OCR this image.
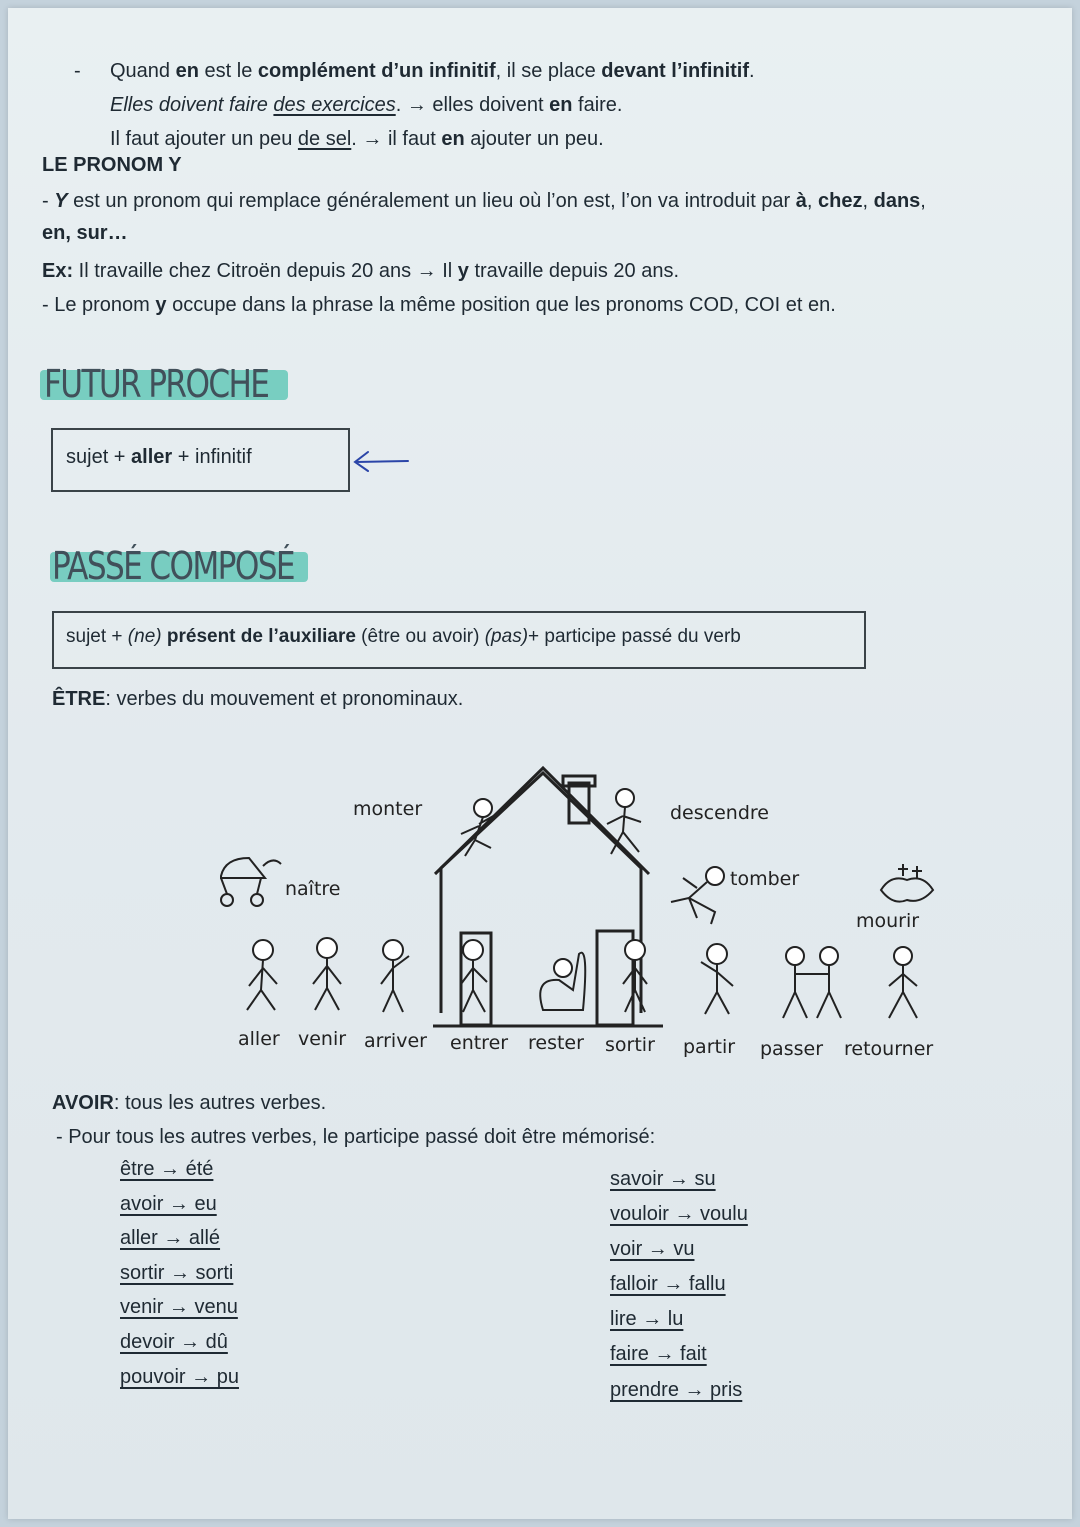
- Quand en est le complément d’un infinitif, il se place devant l’infinitif.
Elles doivent faire des exercices. → elles doivent en faire.
Il faut ajouter un peu de sel. → il faut en ajouter un peu.
LE PRONOM Y
- Y est un pronom qui remplace généralement un lieu où l’on est, l’on va introduit par à, chez, dans,
en, sur…
Ex: Il travaille chez Citroën depuis 20 ans → Il y travaille depuis 20 ans.
- Le pronom y occupe dans la phrase la même position que les pronoms COD, COI et en.
FUTUR PROCHE
sujet + aller + infinitif
PASSÉ COMPOSÉ
sujet + (ne) présent de l’auxiliare (être ou avoir) (pas)+ participe passé du verb
ÊTRE: verbes du mouvement et pronominaux.
monter	descendre
naître	tomber
mourir
aller venir arriver entrer rester sortir partir passer retourner
AVOIR: tous les autres verbes.
- Pour tous les autres verbes, le participe passé doit être mémorisé:
être → été
avoir → eu
aller → allé
sortir → sorti
venir → venu
devoir → dû
pouvoir → pu
savoir → su
vouloir → voulu
voir → vu
falloir → fallu
lire → lu
faire → fait
prendre → pris
